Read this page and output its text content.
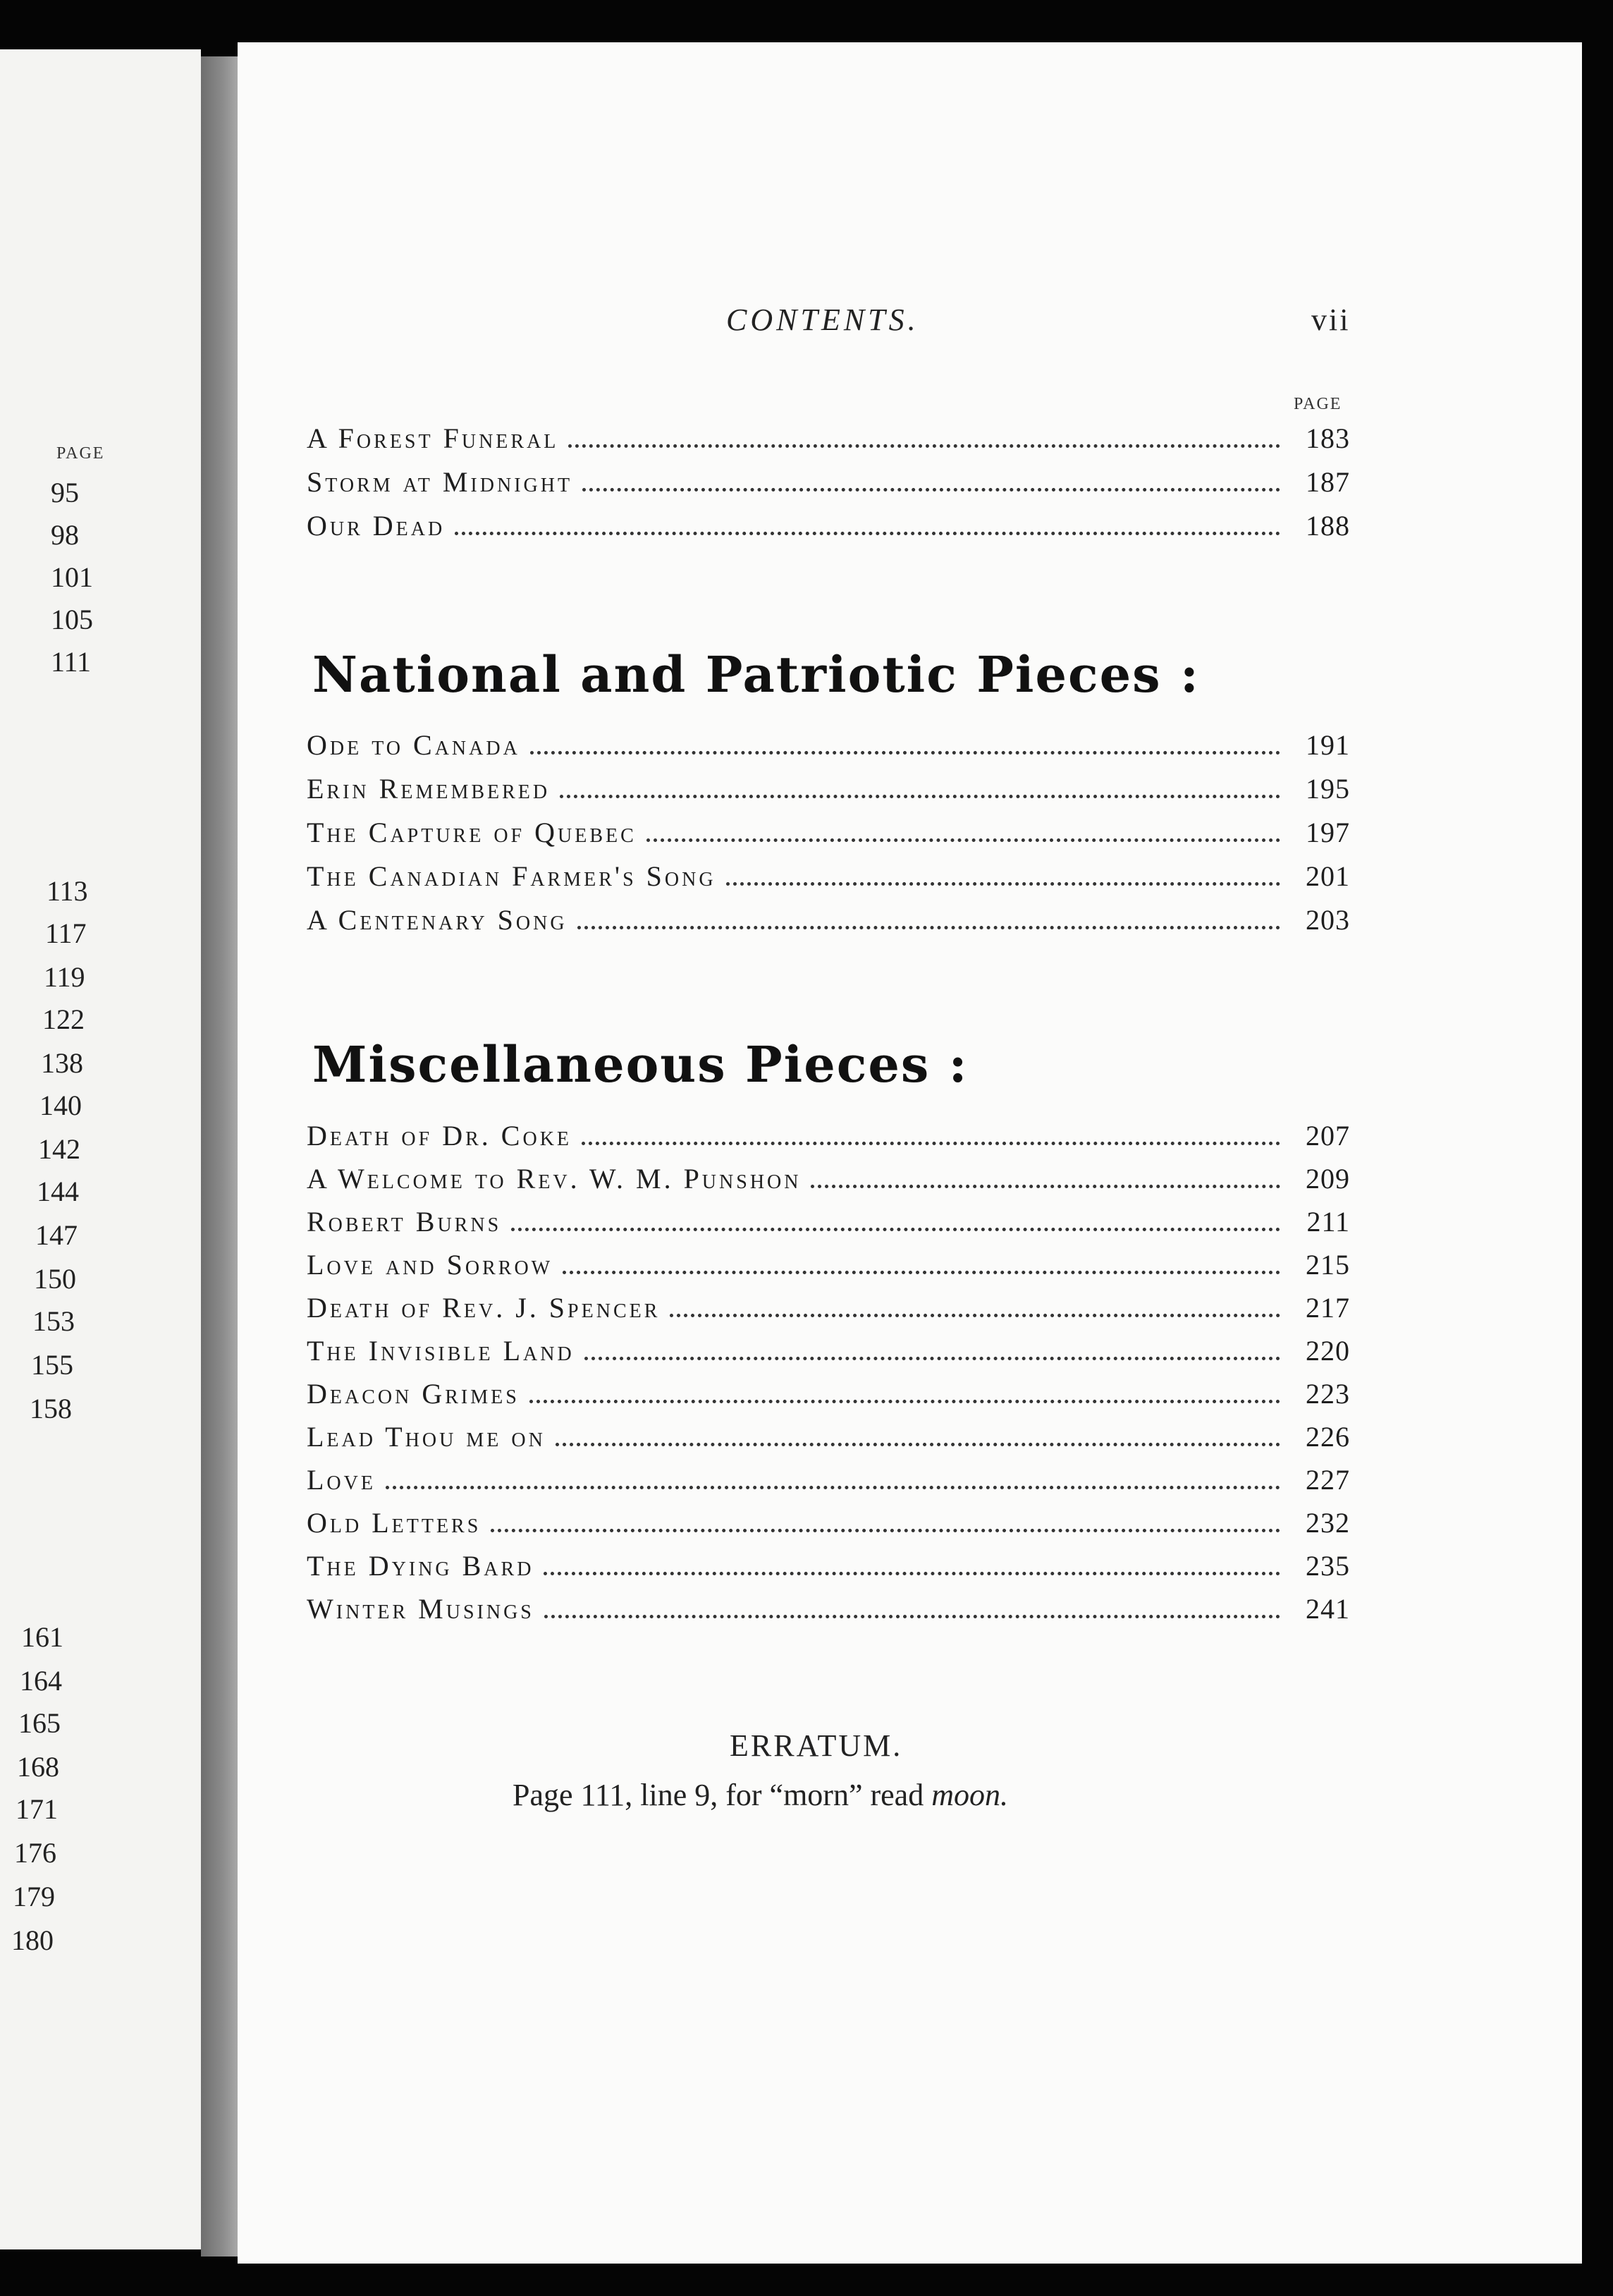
PAGE
95
98
101
105
111
113
117
119
122
138
140
142
144
147
150
153
155
158
161
164
165
168
171
176
179
180
CONTENTS.	vii
PAGE
A Forest Funeral	183
Storm at Midnight	187
Our Dead	188
National and Patriotic Pieces :
Ode to Canada	191
Erin Remembered	195
The Capture of Quebec	197
The Canadian Farmer's Song	201
A Centenary Song	203
Miscellaneous Pieces :
Death of Dr. Coke	207
A Welcome to Rev. W. M. Punshon	209
Robert Burns	211
Love and Sorrow	215
Death of Rev. J. Spencer	217
The Invisible Land	220
Deacon Grimes	223
Lead Thou me on	226
Love	227
Old Letters	232
The Dying Bard	235
Winter Musings	241
ERRATUM.
Page 111, line 9, for “morn” read moon.
